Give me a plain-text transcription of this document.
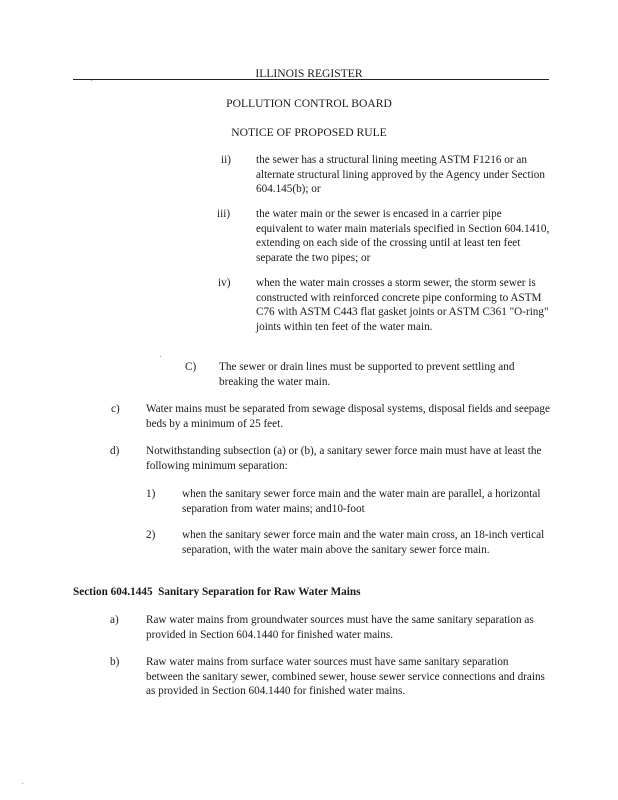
ILLINOIS REGISTER
POLLUTION CONTROL BOARD
NOTICE OF PROPOSED RULE
ii) the sewer has a structural lining meeting ASTM F1216 or an alternate structural lining approved by the Agency under Section 604.145(b); or
iii) the water main or the sewer is encased in a carrier pipe equivalent to water main materials specified in Section 604.1410, extending on each side of the crossing until at least ten feet separate the two pipes; or
iv) when the water main crosses a storm sewer, the storm sewer is constructed with reinforced concrete pipe conforming to ASTM C76 with ASTM C443 flat gasket joints or ASTM C361 "O-ring" joints within ten feet of the water main.
C) The sewer or drain lines must be supported to prevent settling and breaking the water main.
c) Water mains must be separated from sewage disposal systems, disposal fields and seepage beds by a minimum of 25 feet.
d) Notwithstanding subsection (a) or (b), a sanitary sewer force main must have at least the following minimum separation:
1) when the sanitary sewer force main and the water main are parallel, a horizontal separation from water mains; and10-foot
2) when the sanitary sewer force main and the water main cross, an 18-inch vertical separation, with the water main above the sanitary sewer force main.
Section 604.1445  Sanitary Separation for Raw Water Mains
a) Raw water mains from groundwater sources must have the same sanitary separation as provided in Section 604.1440 for finished water mains.
b) Raw water mains from surface water sources must have same sanitary separation between the sanitary sewer, combined sewer, house sewer service connections and drains as provided in Section 604.1440 for finished water mains.
